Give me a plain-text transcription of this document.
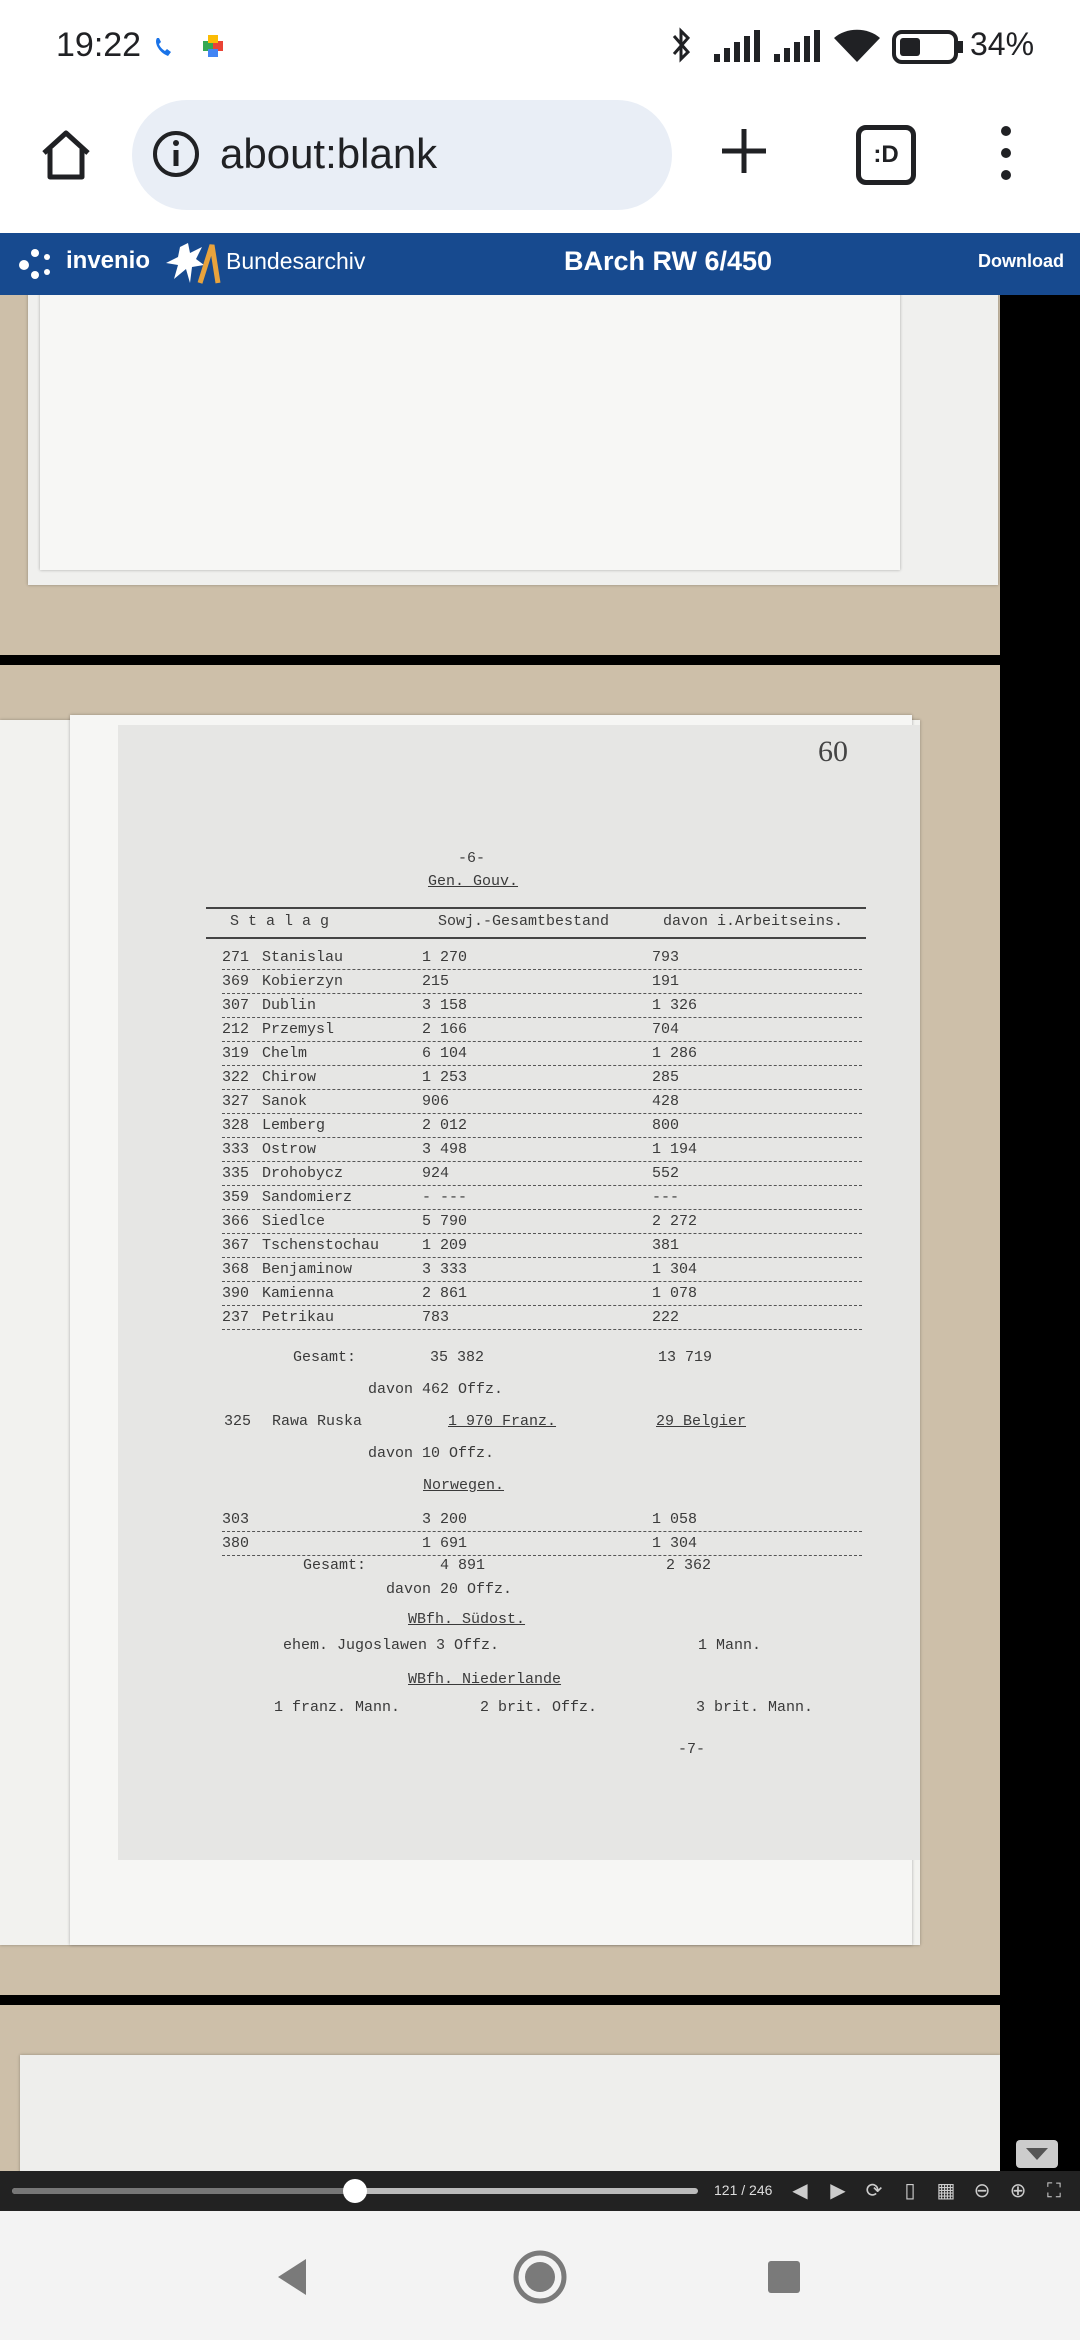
19:22	34%
about:blank	:D
invenio	Bundesarchiv	BArch RW 6/450	Download
60
-6-
Gen. Gouv.
S t a l a g	Sowj.-Gesamtbestand	davon i.Arbeitseins.
271 Stanislau	1 270	793
369 Kobierzyn	215	191
307 Dublin	3 158	1 326
212 Przemysl	2 166	704
319 Chelm	6 104	1 286
322 Chirow	1 253	285
327 Sanok	906	428
328 Lemberg	2 012	800
333 Ostrow	3 498	1 194
335 Drohobycz	924	552
359 Sandomierz	- ---	---
366 Siedlce	5 790	2 272
367 Tschenstochau	1 209	381
368 Benjaminow	3 333	1 304
390 Kamienna	2 861	1 078
237 Petrikau	783	222
Gesamt:	35 382	13 719
davon 462 Offz.
325 Rawa Ruska	1 970 Franz.	29 Belgier
davon 10 Offz.
Norwegen.
303	3 200	1 058
380	1 691	1 304
Gesamt:	4 891	2 362
davon 20 Offz.
WBfh. Südost.
ehem. Jugoslawen 3 Offz.	1 Mann.
WBfh. Niederlande
1 franz. Mann.	2 brit. Offz.	3 brit. Mann.
-7-
121 / 246 ◀	▶ ⟳	▯	▦ ⊖ ⊕	⛶
